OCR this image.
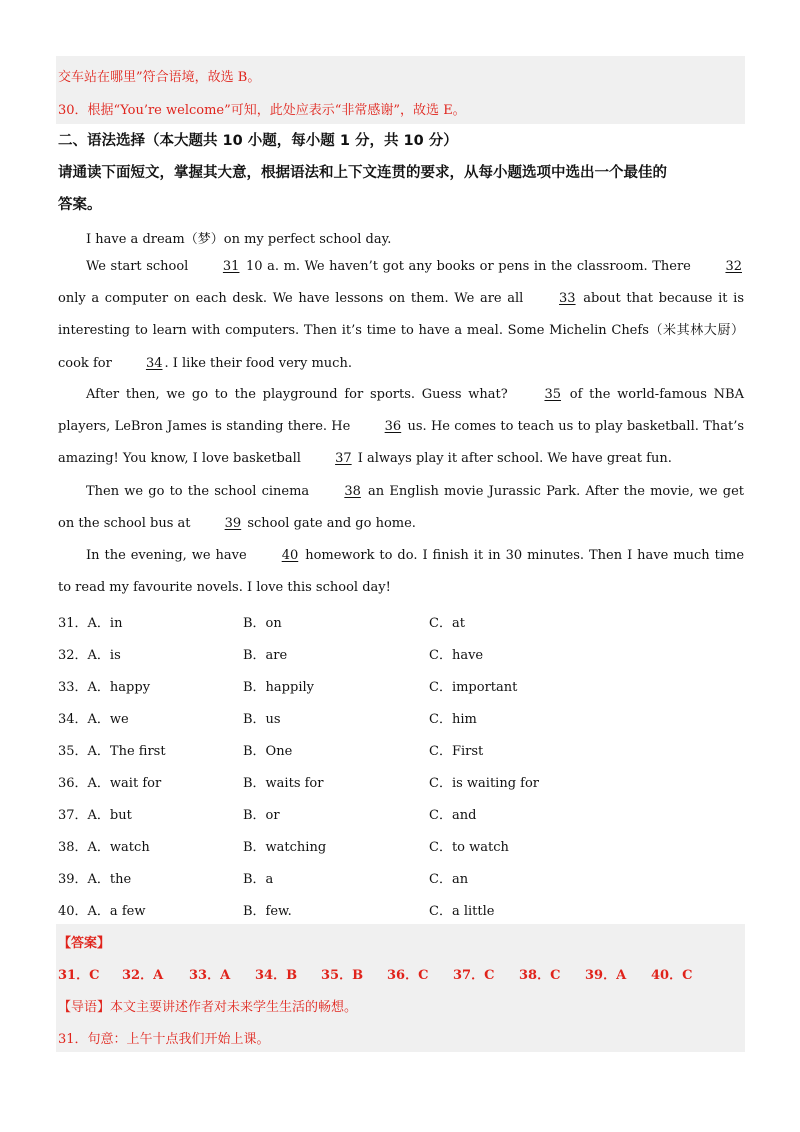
交车站在哪里”符合语境，故选 B。
30．根据“You’re welcome”可知，此处应表示“非常感谢”，故选 E。
二、语法选择（本大题共 10 小题，每小题 1 分，共 10 分）
请通读下面短文，掌握其大意，根据语法和上下文连贯的要求，从每小题选项中选出一个最佳的
答案。
I have a dream（梦）on my perfect school day.
We start school 31 10 a. m. We haven’t got any books or pens in the classroom. There 32 only a computer on each desk. We have lessons on them. We are all 33 about that because it is interesting to learn with computers. Then it’s time to have a meal. Some Michelin Chefs（米其林大厨）cook for 34. I like their food very much.
After then, we go to the playground for sports. Guess what? 35 of the world-famous NBA players, LeBron James is standing there. He 36 us. He comes to teach us to play basketball. That’s amazing! You know, I love basketball 37 I always play it after school. We have great fun.
Then we go to the school cinema 38 an English movie Jurassic Park. After the movie, we get on the school bus at 39 school gate and go home.
In the evening, we have 40 homework to do. I finish it in 30 minutes. Then I have much time to read my favourite novels. I love this school day!
31．A．in	B．on	C．at
32．A．is	B．are	C．have
33．A．happy	B．happily	C．important
34．A．we	B．us	C．him
35．A．The first	B．One	C．First
36．A．wait for	B．waits for	C．is waiting for
37．A．but	B．or	C．and
38．A．watch	B．watching	C．to watch
39．A．the	B．a	C．an
40．A．a few	B．few.	C．a little
【答案】
31．C 32．A 33．A 34．B 35．B 36．C 37．C 38．C 39．A 40．C
【导语】本文主要讲述作者对未来学生生活的畅想。
31．句意：上午十点我们开始上课。
